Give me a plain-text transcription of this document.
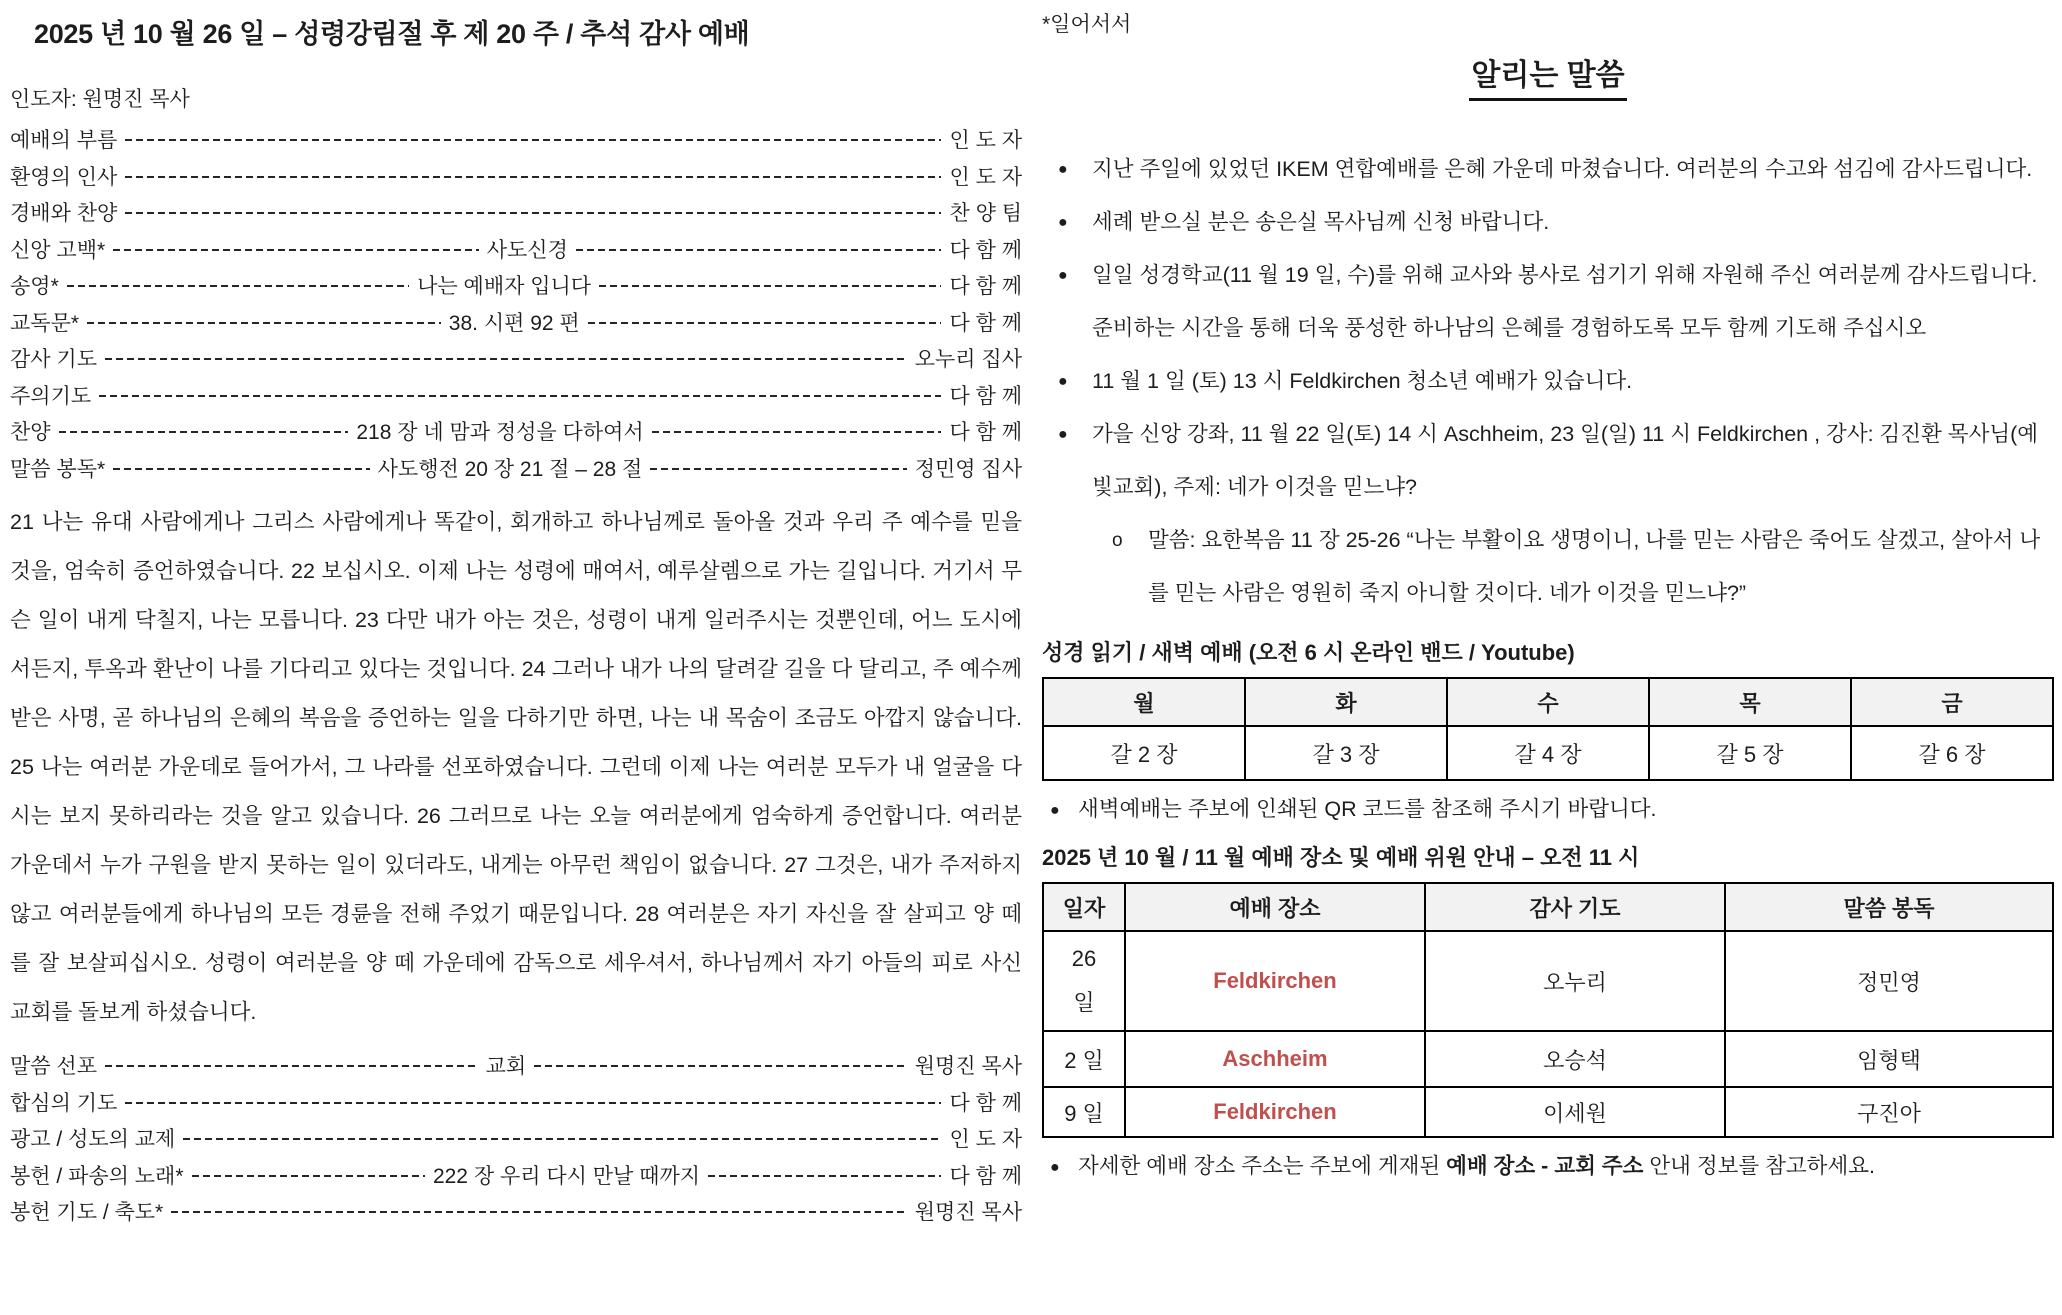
2025 년 10 월 26 일 – 성령강림절 후 제 20 주 / 추석 감사 예배
인도자: 원명진 목사
예배의 부름	인 도 자
환영의 인사	인 도 자
경배와 찬양	찬 양 팀
신앙 고백*	사도신경	다 함 께
송영*	나는 예배자 입니다	다 함 께
교독문*	38. 시편 92 편	다 함 께
감사 기도	오누리 집사
주의기도	다 함 께
찬양	218 장 네 맘과 정성을 다하여서	다 함 께
말씀 봉독*	사도행전 20 장 21 절 – 28 절	정민영 집사
21 나는 유대 사람에게나 그리스 사람에게나 똑같이, 회개하고 하나님께로 돌아올 것과 우리 주 예수를 믿을 것을, 엄숙히 증언하였습니다. 22 보십시오. 이제 나는 성령에 매여서, 예루살렘으로 가는 길입니다. 거기서 무슨 일이 내게 닥칠지, 나는 모릅니다. 23 다만 내가 아는 것은, 성령이 내게 일러주시는 것뿐인데, 어느 도시에서든지, 투옥과 환난이 나를 기다리고 있다는 것입니다. 24 그러나 내가 나의 달려갈 길을 다 달리고, 주 예수께 받은 사명, 곧 하나님의 은혜의 복음을 증언하는 일을 다하기만 하면, 나는 내 목숨이 조금도 아깝지 않습니다. 25 나는 여러분 가운데로 들어가서, 그 나라를 선포하였습니다. 그런데 이제 나는 여러분 모두가 내 얼굴을 다시는 보지 못하리라는 것을 알고 있습니다. 26 그러므로 나는 오늘 여러분에게 엄숙하게 증언합니다. 여러분 가운데서 누가 구원을 받지 못하는 일이 있더라도, 내게는 아무런 책임이 없습니다. 27 그것은, 내가 주저하지 않고 여러분들에게 하나님의 모든 경륜을 전해 주었기 때문입니다. 28 여러분은 자기 자신을 잘 살피고 양 떼를 잘 보살피십시오. 성령이 여러분을 양 떼 가운데에 감독으로 세우셔서, 하나님께서 자기 아들의 피로 사신 교회를 돌보게 하셨습니다.
말씀 선포	교회	원명진 목사
합심의 기도	다 함 께
광고 / 성도의 교제	인 도 자
봉헌 / 파송의 노래*	222 장 우리 다시 만날 때까지	다 함 께
봉헌 기도 / 축도*	원명진 목사
*일어서서
알리는 말씀
● 지난 주일에 있었던 IKEM 연합예배를 은혜 가운데 마쳤습니다. 여러분의 수고와 섬김에 감사드립니다.
● 세례 받으실 분은 송은실 목사님께 신청 바랍니다.
● 일일 성경학교(11 월 19 일, 수)를 위해 교사와 봉사로 섬기기 위해 자원해 주신 여러분께 감사드립니다. 준비하는 시간을 통해 더욱 풍성한 하나남의 은혜를 경험하도록 모두 함께 기도해 주십시오
● 11 월 1 일 (토) 13 시 Feldkirchen 청소년 예배가 있습니다.
● 가을 신앙 강좌, 11 월 22 일(토) 14 시 Aschheim, 23 일(일) 11 시 Feldkirchen , 강사: 김진환 목사님(예빛교회), 주제: 네가 이것을 믿느냐?
o 말씀: 요한복음 11 장 25-26 “나는 부활이요 생명이니, 나를 믿는 사람은 죽어도 살겠고, 살아서 나를 믿는 사람은 영원히 죽지 아니할 것이다. 네가 이것을 믿느냐?”
성경 읽기 / 새벽 예배 (오전 6 시 온라인 밴드 / Youtube)
월	화	수	목	금
갈 2 장	갈 3 장	갈 4 장	갈 5 장	갈 6 장
● 새벽예배는 주보에 인쇄된 QR 코드를 참조해 주시기 바랍니다.
2025 년 10 월 / 11 월 예배 장소 및 예배 위원 안내 – 오전 11 시
일자	예배 장소	감사 기도	말씀 봉독
26 일	Feldkirchen	오누리	정민영
2 일	Aschheim	오승석	임형택
9 일	Feldkirchen	이세원	구진아
● 자세한 예배 장소 주소는 주보에 게재된 예배 장소 - 교회 주소 안내 정보를 참고하세요.
